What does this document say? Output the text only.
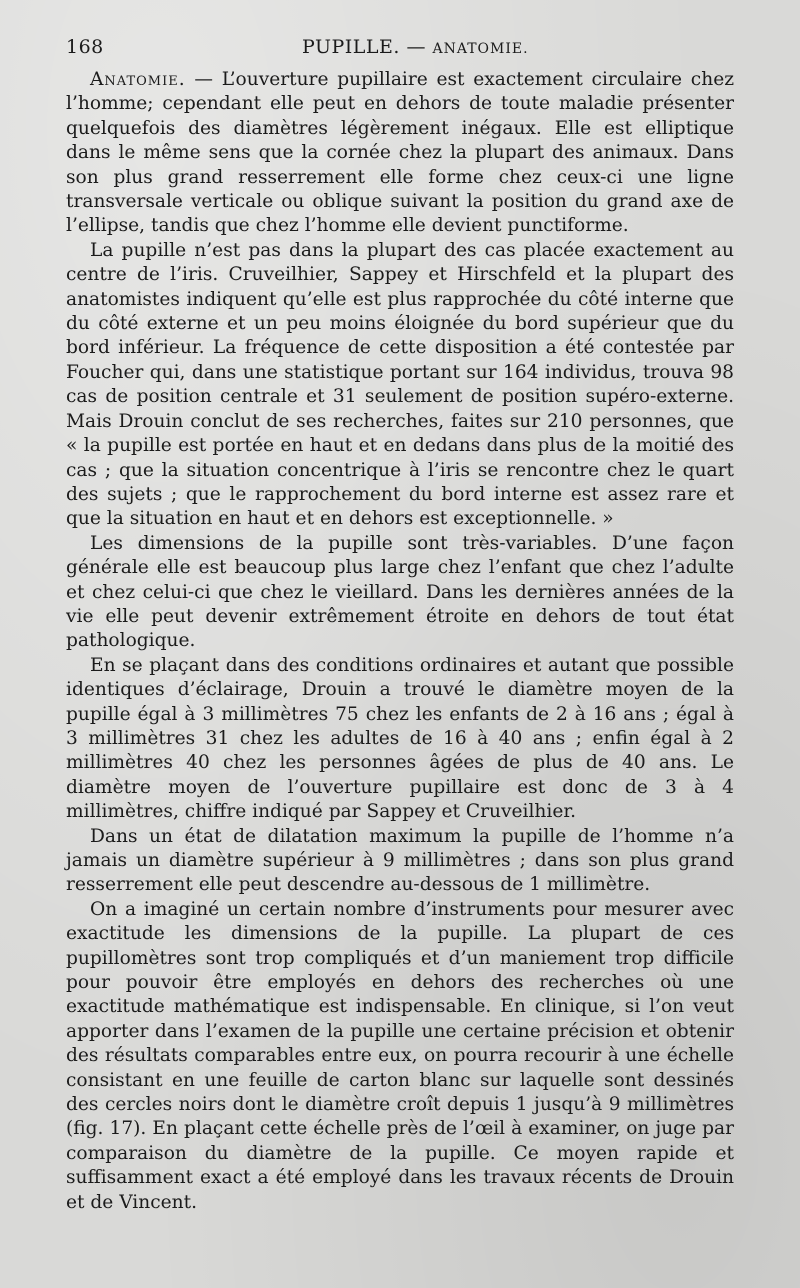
168	PUPILLE. — ANATOMIE.

Anatomie. — L’ouverture pupillaire est exactement circulaire chez l’homme; cependant elle peut en dehors de toute maladie présenter quelquefois des diamètres légèrement inégaux. Elle est elliptique dans le même sens que la cornée chez la plupart des animaux. Dans son plus grand resserrement elle forme chez ceux-ci une ligne transversale verticale ou oblique suivant la position du grand axe de l’ellipse, tandis que chez l’homme elle devient punctiforme.

La pupille n’est pas dans la plupart des cas placée exactement au centre de l’iris. Cruveilhier, Sappey et Hirschfeld et la plupart des anatomistes indiquent qu’elle est plus rapprochée du côté interne que du côté externe et un peu moins éloignée du bord supérieur que du bord inférieur. La fréquence de cette disposition a été contestée par Foucher qui, dans une statistique portant sur 164 individus, trouva 98 cas de position centrale et 31 seulement de position supéro-externe. Mais Drouin conclut de ses recherches, faites sur 210 personnes, que « la pupille est portée en haut et en dedans dans plus de la moitié des cas ; que la situation concentrique à l’iris se rencontre chez le quart des sujets ; que le rapprochement du bord interne est assez rare et que la situation en haut et en dehors est exceptionnelle. »

Les dimensions de la pupille sont très-variables. D’une façon générale elle est beaucoup plus large chez l’enfant que chez l’adulte et chez celui-ci que chez le vieillard. Dans les dernières années de la vie elle peut devenir extrêmement étroite en dehors de tout état pathologique.

En se plaçant dans des conditions ordinaires et autant que possible identiques d’éclairage, Drouin a trouvé le diamètre moyen de la pupille égal à 3 millimètres 75 chez les enfants de 2 à 16 ans ; égal à 3 millimètres 31 chez les adultes de 16 à 40 ans ; enfin égal à 2 millimètres 40 chez les personnes âgées de plus de 40 ans. Le diamètre moyen de l’ouverture pupillaire est donc de 3 à 4 millimètres, chiffre indiqué par Sappey et Cruveilhier.

Dans un état de dilatation maximum la pupille de l’homme n’a jamais un diamètre supérieur à 9 millimètres ; dans son plus grand resserrement elle peut descendre au-dessous de 1 millimètre.

On a imaginé un certain nombre d’instruments pour mesurer avec exactitude les dimensions de la pupille. La plupart de ces pupillomètres sont trop compliqués et d’un maniement trop difficile pour pouvoir être employés en dehors des recherches où une exactitude mathématique est indispensable. En clinique, si l’on veut apporter dans l’examen de la pupille une certaine précision et obtenir des résultats comparables entre eux, on pourra recourir à une échelle consistant en une feuille de carton blanc sur laquelle sont dessinés des cercles noirs dont le diamètre croît depuis 1 jusqu’à 9 millimètres (fig. 17). En plaçant cette échelle près de l’œil à examiner, on juge par comparaison du diamètre de la pupille. Ce moyen rapide et suffisamment exact a été employé dans les travaux récents de Drouin et de Vincent.
